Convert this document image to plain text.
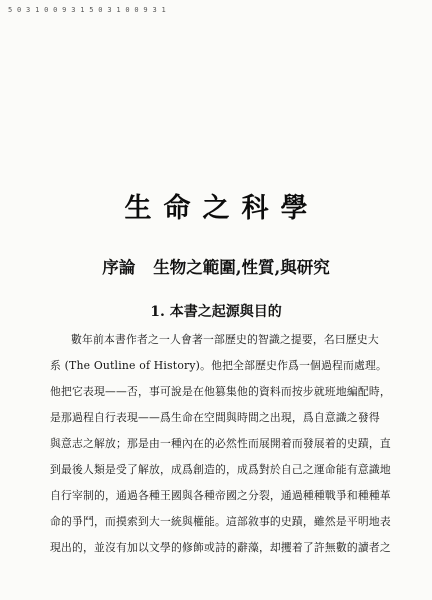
5 0 3 1 0 0 9 3 1 5 0 3 1 0 0 9 3 1
生命之科學
序論 生物之範圍,性質,與研究
1. 本書之起源與目的
數年前本書作者之一人會著一部歷史的智識之提要，名曰歷史大
系 (The Outline of History)。他把全部歷史作爲一個過程而處理。
他把它表現——否，事可說是在他篡集他的資料而按步就班地編配時，
是那過程自行表現——爲生命在空間與時間之出現，爲自意識之發得
與意志之解放；那是由一種內在的必然性而展開着而發展着的史蹟，直
到最後人類是受了解放，成爲創造的，成爲對於自己之運命能有意識地
自行宰制的，通過各種王國與各種帝國之分裂，通過種種戰爭和種種革
命的爭鬥，而摸索到大一統與權能。這部敘事的史蹟，雖然是平明地表
現出的，並沒有加以文學的修飾或詩的辭藻，却攫着了許無數的讀者之
